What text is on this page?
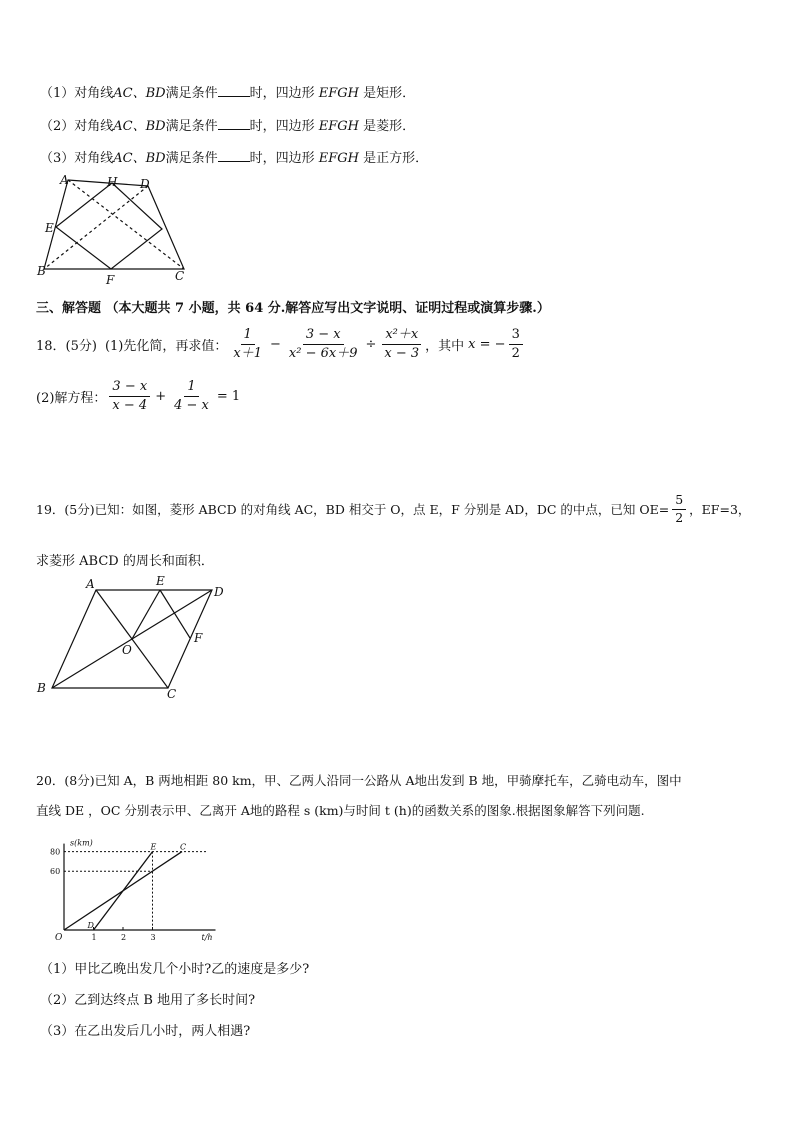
（1）对角线AC、BD满足条件 时，四边形 EFGH 是矩形．
（2）对角线AC、BD满足条件 时，四边形 EFGH 是菱形．
（3）对角线AC、BD满足条件 时，四边形 EFGH 是正方形．
A	H D
E
B
F	C
三、解答题 （本大题共 7 小题，共 64 分.解答应写出文字说明、证明过程或演算步骤.）
18．(5分) (1)先化简，再求值： $\frac{1}{x+1} - \frac{3 - x}{\text{x² − 6x＋9}} \div \frac{\text{x²＋x}}{x - 3}$ ，其中 x = − $\frac{3}{2}$
(2)解方程： $\frac{3 - x}{x - 4} + \frac{1}{4 - x} = 1$
19．(5分)已知：如图，菱形 ABCD 的对角线 AC，BD 相交于 O，点 E，F 分别是 AD，DC 的中点，已知 $OE= \frac{5}{2}$ ，EF=3，
求菱形 ABCD 的周长和面积．
A	E
D
F
O
B	C
20．(8分)已知 A，B 两地相距 80 km，甲、乙两人沿同一公路从 A地出发到 B 地，甲骑摩托车，乙骑电动车，图中
直线 DE ，OC 分别表示甲、乙离开 A地的路程 s (km)与时间 t (h)的函数关系的图象.根据图象解答下列问题.
60
80
1	2	3
s(km)
t/h
O
D
E	C
（1）甲比乙晚出发几个小时?乙的速度是多少?
（2）乙到达终点 B 地用了多长时间?
（3）在乙出发后几小时，两人相遇?
